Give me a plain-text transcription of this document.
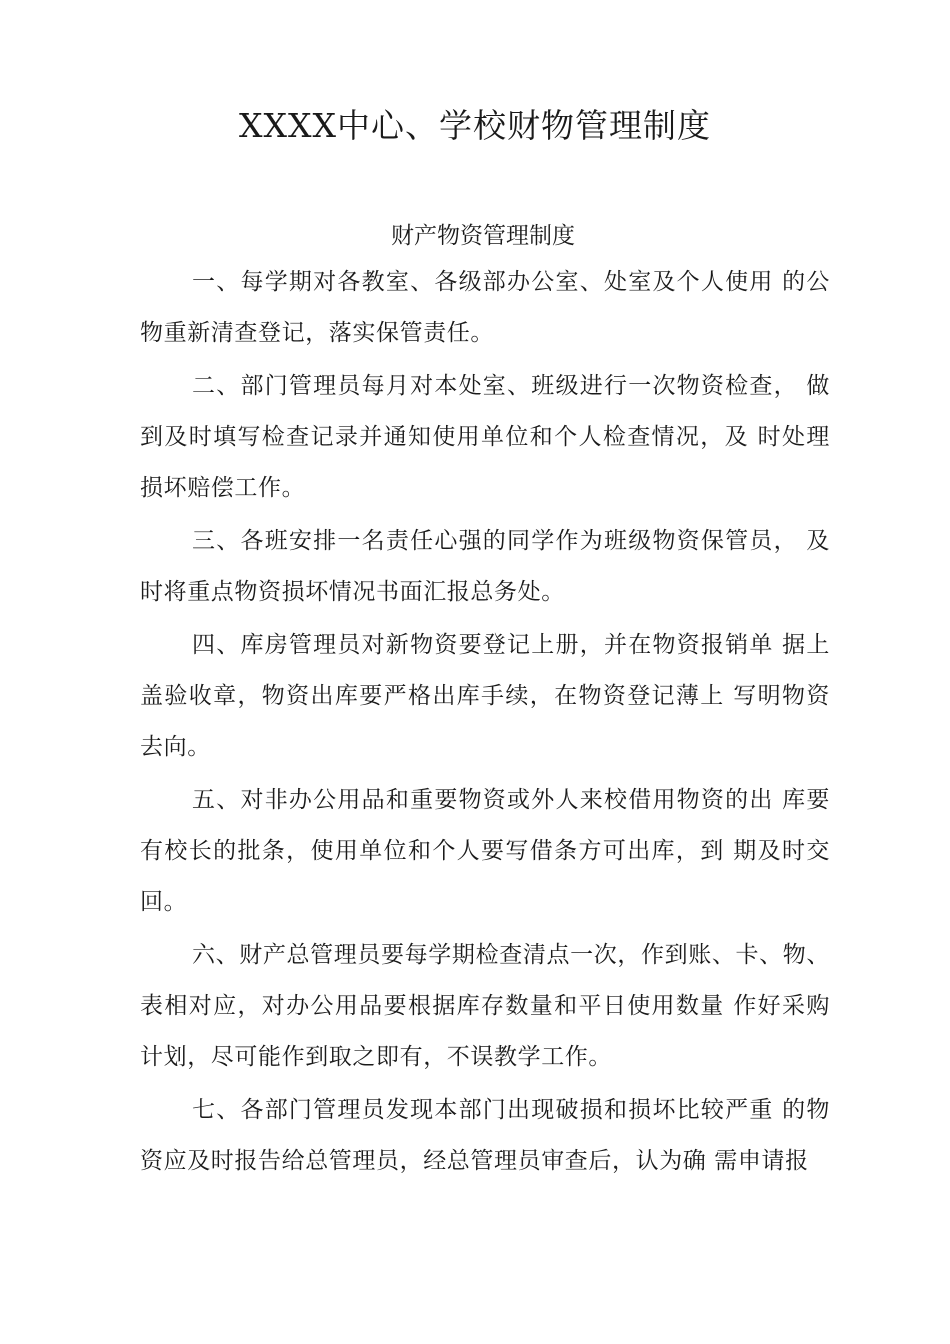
XXXX中心、学校财物管理制度
财产物资管理制度

一、每学期对各教室、各级部办公室、处室及个人使用 的公物重新清查登记，落实保管责任。

二、部门管理员每月对本处室、班级进行一次物资检查， 做到及时填写检查记录并通知使用单位和个人检查情况，及 时处理损坏赔偿工作。

三、各班安排一名责任心强的同学作为班级物资保管员， 及时将重点物资损坏情况书面汇报总务处。

四、库房管理员对新物资要登记上册，并在物资报销单 据上盖验收章，物资出库要严格出库手续，在物资登记薄上 写明物资去向。

五、对非办公用品和重要物资或外人来校借用物资的出 库要有校长的批条，使用单位和个人要写借条方可出库，到 期及时交回。

六、财产总管理员要每学期检查清点一次，作到账、卡、物、表相对应，对办公用品要根据库存数量和平日使用数量 作好采购计划，尽可能作到取之即有，不误教学工作。

七、各部门管理员发现本部门出现破损和损坏比较严重 的物资应及时报告给总管理员，经总管理员审查后，认为确 需申请报
